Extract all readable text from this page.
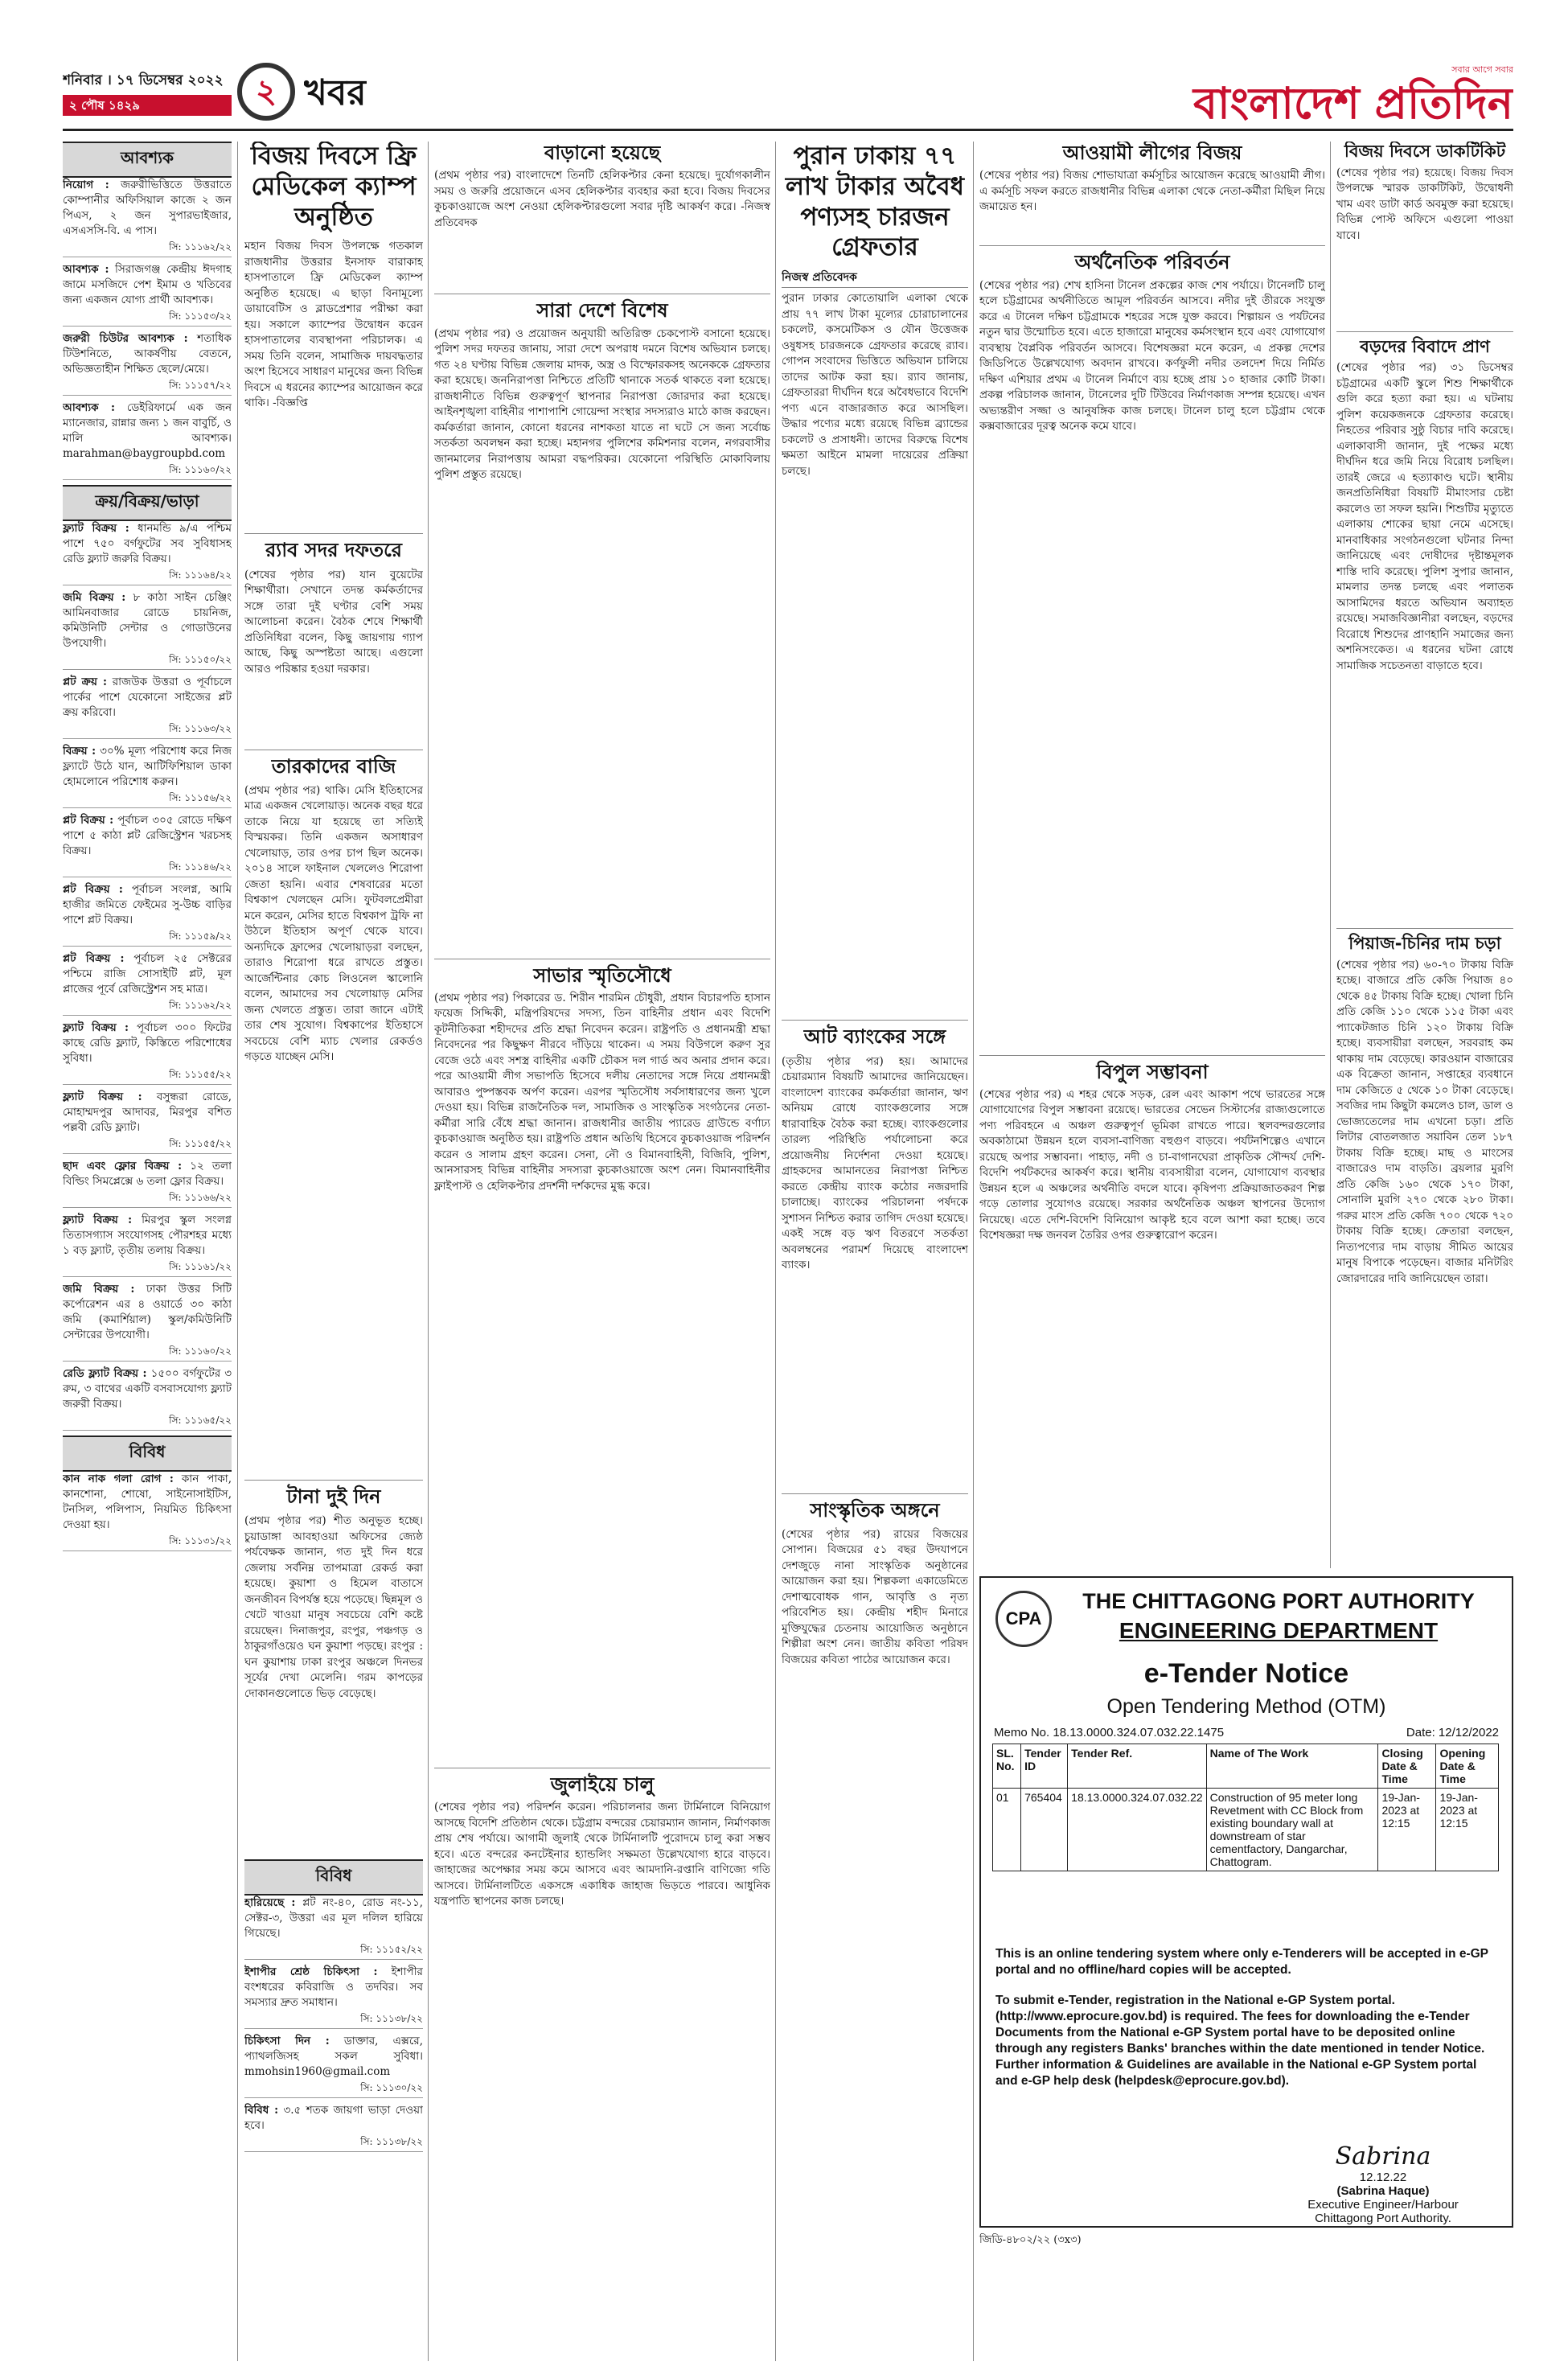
শনিবার । ১৭ ডিসেম্বর ২০২২
২ পৌষ ১৪২৯	২ খবর
সবার আগে সবার
বাংলাদেশ প্রতিদিন
আবশ্যক
নিয়োগ : জরুরীভিত্তিতে উত্তরাতে কোম্পানীর অফিসিয়াল কাজে ২ জন পিএস, ২ জন সুপারভাইজার, এসএসসি-বি. এ পাস।
সি: ১১১৬২/২২
আবশ্যক : সিরাজগঞ্জ কেন্দ্রীয় ঈদগাহ জামে মসজিদে পেশ ইমাম ও খতিবের জন্য একজন যোগ্য প্রার্থী আবশ্যক।
সি: ১১১৫৩/২২
জরুরী চিউটর আবশ্যক : শতাধিক টিউশনিতে, আকর্ষণীয় বেতনে, অভিজ্ঞতাহীন শিক্ষিত ছেলে/মেয়ে।
সি: ১১১৫৭/২২
আবশ্যক : ডেইরিফার্মে এক জন ম্যানেজার, রান্নার জন্য ১ জন বাবুর্চি, ও মালি আবশ্যক। marahman@baygroupbd.com
সি: ১১১৬০/২২
ক্রয়/বিক্রয়/ভাড়া
ফ্ল্যাট বিক্রয় : ধানমন্ডি ৯/এ পশ্চিম পাশে ৭৫০ বর্গফুটের সব সুবিধাসহ রেডি ফ্ল্যাট জরুরি বিক্রয়।
সি: ১১১৬৪/২২
জমি বিক্রয় : ৮ কাঠা সাইন চেঞ্জিং আমিনবাজার রোডে চায়নিজ, কমিউনিটি সেন্টার ও গোডাউনের উপযোগী।
সি: ১১১৫০/২২
প্লট ক্রয় : রাজউক উত্তরা ও পূর্বাচলে পার্কের পাশে যেকোনো সাইজের প্লট ক্রয় করিবো।
সি: ১১১৬৩/২২
বিক্রয় : ৩০% মূল্য পরিশোধ করে নিজ ফ্ল্যাটে উঠে যান, আটিফিশিয়াল ডাকা হোমলোনে পরিশোধ করুন।
সি: ১১১৫৬/২২
প্লট বিক্রয় : পূর্বাচল ৩০৫ রোডে দক্ষিণ পাশে ৫ কাঠা প্লট রেজিস্ট্রেশন খরচসহ বিক্রয়।
সি: ১১১৪৬/২২
প্লট বিক্রয় : পূর্বাচল সংলগ্ন, আমি হাজীর জমিতে ফেইমের সু-উচ্চ বাড়ির পাশে প্লট বিক্রয়।
সি: ১১১৫৯/২২
প্লট বিক্রয় : পূর্বাচল ২৫ সেক্টরের পশ্চিমে রাজি সোসাইটি প্লট, মূল প্লাজের পূর্বে রেজিস্ট্রেশন সহ মাত্র।
সি: ১১১৬২/২২
ফ্ল্যাট বিক্রয় : পূর্বাচল ৩০০ ফিটের কাছে রেডি ফ্ল্যাট, কিস্তিতে পরিশোধের সুবিধা।
সি: ১১১৫৫/২২
ফ্ল্যাট বিক্রয় : বসুন্ধরা রোডে, মোহাম্মদপুর আদাবর, মিরপুর বশিত পল্লবী রেডি ফ্ল্যাট।
সি: ১১১৫৫/২২
ছাদ এবং ফ্লোর বিক্রয় : ১২ তলা বিল্ডিং সিমপ্লেক্সে ৬ তলা ফ্লোর বিক্রয়।
সি: ১১১৬৬/২২
ফ্ল্যাট বিক্রয় : মিরপুর স্কুল সংলগ্ন তিতাসগ্যাস সংযোগসহ পৌরশহর মধ্যে ১ বড় ফ্ল্যাট, তৃতীয় তলায় বিক্রয়।
সি: ১১১৬১/২২
জমি বিক্রয় : ঢাকা উত্তর সিটি কর্পোরেশন এর ৪ ওয়ার্ডে ৩০ কাঠা জমি (কমার্শিয়াল) স্কুল/কমিউনিটি সেন্টারের উপযোগী।
সি: ১১১৬০/২২
রেডি ফ্ল্যাট বিক্রয় : ১৫০০ বর্গফুটের ৩ রুম, ৩ বাথের একটি বসবাসযোগ্য ফ্ল্যাট জরুরী বিক্রয়।
সি: ১১১৬৫/২২
বিবিধ
কান নাক গলা রোগ : কান পাকা, কানশোনা, শোষো, সাইনোসাইটিস, টনসিল, পলিপাস, নিয়মিত চিকিৎসা দেওয়া হয়।
সি: ১১১৩১/২২
বিজয় দিবসে ফ্রি মেডিকেল ক্যাম্প অনুষ্ঠিত
মহান বিজয় দিবস উপলক্ষে গতকাল রাজধানীর উত্তরার ইনসাফ বারাকাহ হাসপাতালে ফ্রি মেডিকেল ক্যাম্প অনুষ্ঠিত হয়েছে। এ ছাড়া বিনামূল্যে ডায়াবেটিস ও ব্লাডপ্রেশার পরীক্ষা করা হয়। সকালে ক্যাম্পের উদ্বোধন করেন হাসপাতালের ব্যবস্থাপনা পরিচালক। এ সময় তিনি বলেন, সামাজিক দায়বদ্ধতার অংশ হিসেবে সাধারণ মানুষের জন্য বিভিন্ন দিবসে এ ধরনের ক্যাম্পের আয়োজন করে থাকি। -বিজ্ঞপ্তি
র‍্যাব সদর দফতরে
(শেষের পৃষ্ঠার পর) যান বুয়েটের শিক্ষার্থীরা। সেখানে তদন্ত কর্মকর্তাদের সঙ্গে তারা দুই ঘণ্টার বেশি সময় আলোচনা করেন। বৈঠক শেষে শিক্ষার্থী প্রতিনিধিরা বলেন, কিছু জায়গায় গ্যাপ আছে, কিছু অস্পষ্টতা আছে। এগুলো আরও পরিষ্কার হওয়া দরকার।
তারকাদের বাজি
(প্রথম পৃষ্ঠার পর) থাকি। মেসি ইতিহাসের মাত্র একজন খেলোয়াড়। অনেক বছর ধরে তাকে নিয়ে যা হয়েছে তা সত্যিই বিস্ময়কর। তিনি একজন অসাধারণ খেলোয়াড়, তার ওপর চাপ ছিল অনেক। ২০১৪ সালে ফাইনাল খেললেও শিরোপা জেতা হয়নি। এবার শেষবারের মতো বিশ্বকাপ খেলছেন মেসি। ফুটবলপ্রেমীরা মনে করেন, মেসির হাতে বিশ্বকাপ ট্রফি না উঠলে ইতিহাস অপূর্ণ থেকে যাবে। অন্যদিকে ফ্রান্সের খেলোয়াড়রা বলছেন, তারাও শিরোপা ধরে রাখতে প্রস্তুত। আর্জেন্টিনার কোচ লিওনেল স্কালোনি বলেন, আমাদের সব খেলোয়াড় মেসির জন্য খেলতে প্রস্তুত। তারা জানে এটাই তার শেষ সুযোগ। বিশ্বকাপের ইতিহাসে সবচেয়ে বেশি ম্যাচ খেলার রেকর্ডও গড়তে যাচ্ছেন মেসি।
টানা দুই দিন
(প্রথম পৃষ্ঠার পর) শীত অনুভূত হচ্ছে। চুয়াডাঙ্গা আবহাওয়া অফিসের জ্যেষ্ঠ পর্যবেক্ষক জানান, গত দুই দিন ধরে জেলায় সর্বনিম্ন তাপমাত্রা রেকর্ড করা হয়েছে। কুয়াশা ও হিমেল বাতাসে জনজীবন বিপর্যস্ত হয়ে পড়েছে। ছিন্নমূল ও খেটে খাওয়া মানুষ সবচেয়ে বেশি কষ্টে রয়েছেন। দিনাজপুর, রংপুর, পঞ্চগড় ও ঠাকুরগাঁওয়েও ঘন কুয়াশা পড়ছে। রংপুর : ঘন কুয়াশায় ঢাকা রংপুর অঞ্চলে দিনভর সূর্যের দেখা মেলেনি। গরম কাপড়ের দোকানগুলোতে ভিড় বেড়েছে।
বিবিধ
হারিয়েছে : প্লট নং-৪০, রোড নং-১১, সেক্টর-৩, উত্তরা এর মূল দলিল হারিয়ে গিয়েছে।
সি: ১১১৫২/২২
ইশাপীর শ্রেষ্ঠ চিকিৎসা : ইশাপীর বংশধরের কবিরাজি ও তদবির। সব সমস্যার দ্রুত সমাধান।
সি: ১১১৩৮/২২
চিকিৎসা দিন : ডাক্তার, এক্সরে, প্যাথলজিসহ সকল সুবিধা। mmohsin1960@gmail.com
সি: ১১১৩০/২২
বিবিধ : ৩.৫ শতক জায়গা ভাড়া দেওয়া হবে।
সি: ১১১৩৮/২২
বাড়ানো হয়েছে
(প্রথম পৃষ্ঠার পর) বাংলাদেশে তিনটি হেলিকপ্টার কেনা হয়েছে। দুর্যোগকালীন সময় ও জরুরি প্রয়োজনে এসব হেলিকপ্টার ব্যবহার করা হবে। বিজয় দিবসের কুচকাওয়াজে অংশ নেওয়া হেলিকপ্টারগুলো সবার দৃষ্টি আকর্ষণ করে। -নিজস্ব প্রতিবেদক
সারা দেশে বিশেষ
(প্রথম পৃষ্ঠার পর) ও প্রয়োজন অনুযায়ী অতিরিক্ত চেকপোস্ট বসানো হয়েছে। পুলিশ সদর দফতর জানায়, সারা দেশে অপরাধ দমনে বিশেষ অভিযান চলছে। গত ২৪ ঘণ্টায় বিভিন্ন জেলায় মাদক, অস্ত্র ও বিস্ফোরকসহ অনেককে গ্রেফতার করা হয়েছে। জননিরাপত্তা নিশ্চিতে প্রতিটি থানাকে সতর্ক থাকতে বলা হয়েছে। রাজধানীতে বিভিন্ন গুরুত্বপূর্ণ স্থাপনার নিরাপত্তা জোরদার করা হয়েছে। আইনশৃঙ্খলা বাহিনীর পাশাপাশি গোয়েন্দা সংস্থার সদস্যরাও মাঠে কাজ করছেন। কর্মকর্তারা জানান, কোনো ধরনের নাশকতা যাতে না ঘটে সে জন্য সর্বোচ্চ সতর্কতা অবলম্বন করা হচ্ছে। মহানগর পুলিশের কমিশনার বলেন, নগরবাসীর জানমালের নিরাপত্তায় আমরা বদ্ধপরিকর। যেকোনো পরিস্থিতি মোকাবিলায় পুলিশ প্রস্তুত রয়েছে।
সাভার স্মৃতিসৌধে
(প্রথম পৃষ্ঠার পর) পিকারের ড. শিরীন শারমিন চৌধুরী, প্রধান বিচারপতি হাসান ফয়েজ সিদ্দিকী, মন্ত্রিপরিষদের সদস্য, তিন বাহিনীর প্রধান এবং বিদেশি কূটনীতিকরা শহীদদের প্রতি শ্রদ্ধা নিবেদন করেন। রাষ্ট্রপতি ও প্রধানমন্ত্রী শ্রদ্ধা নিবেদনের পর কিছুক্ষণ নীরবে দাঁড়িয়ে থাকেন। এ সময় বিউগলে করুণ সুর বেজে ওঠে এবং সশস্ত্র বাহিনীর একটি চৌকস দল গার্ড অব অনার প্রদান করে। পরে আওয়ামী লীগ সভাপতি হিসেবে দলীয় নেতাদের সঙ্গে নিয়ে প্রধানমন্ত্রী আবারও পুষ্পস্তবক অর্পণ করেন। এরপর স্মৃতিসৌধ সর্বসাধারণের জন্য খুলে দেওয়া হয়। বিভিন্ন রাজনৈতিক দল, সামাজিক ও সাংস্কৃতিক সংগঠনের নেতা-কর্মীরা সারি বেঁধে শ্রদ্ধা জানান। রাজধানীর জাতীয় প্যারেড গ্রাউন্ডে বর্ণাঢ্য কুচকাওয়াজ অনুষ্ঠিত হয়। রাষ্ট্রপতি প্রধান অতিথি হিসেবে কুচকাওয়াজ পরিদর্শন করেন ও সালাম গ্রহণ করেন। সেনা, নৌ ও বিমানবাহিনী, বিজিবি, পুলিশ, আনসারসহ বিভিন্ন বাহিনীর সদস্যরা কুচকাওয়াজে অংশ নেন। বিমানবাহিনীর ফ্লাইপাস্ট ও হেলিকপ্টার প্রদর্শনী দর্শকদের মুগ্ধ করে।
জুলাইয়ে চালু
(শেষের পৃষ্ঠার পর) পরিদর্শন করেন। পরিচালনার জন্য টার্মিনালে বিনিয়োগ আসছে বিদেশি প্রতিষ্ঠান থেকে। চট্টগ্রাম বন্দরের চেয়ারম্যান জানান, নির্মাণকাজ প্রায় শেষ পর্যায়ে। আগামী জুলাই থেকে টার্মিনালটি পুরোদমে চালু করা সম্ভব হবে। এতে বন্দরের কনটেইনার হ্যান্ডলিং সক্ষমতা উল্লেখযোগ্য হারে বাড়বে। জাহাজের অপেক্ষার সময় কমে আসবে এবং আমদানি-রপ্তানি বাণিজ্যে গতি আসবে। টার্মিনালটিতে একসঙ্গে একাধিক জাহাজ ভিড়তে পারবে। আধুনিক যন্ত্রপাতি স্থাপনের কাজ চলছে।
পুরান ঢাকায় ৭৭ লাখ টাকার অবৈধ পণ্যসহ চারজন গ্রেফতার
নিজস্ব প্রতিবেদক
পুরান ঢাকার কোতোয়ালি এলাকা থেকে প্রায় ৭৭ লাখ টাকা মূল্যের চোরাচালানের চকলেট, কসমেটিকস ও যৌন উত্তেজক ওষুধসহ চারজনকে গ্রেফতার করেছে র‍্যাব। গোপন সংবাদের ভিত্তিতে অভিযান চালিয়ে তাদের আটক করা হয়। র‍্যাব জানায়, গ্রেফতাররা দীর্ঘদিন ধরে অবৈধভাবে বিদেশি পণ্য এনে বাজারজাত করে আসছিল। উদ্ধার পণ্যের মধ্যে রয়েছে বিভিন্ন ব্র্যান্ডের চকলেট ও প্রসাধনী। তাদের বিরুদ্ধে বিশেষ ক্ষমতা আইনে মামলা দায়েরের প্রক্রিয়া চলছে।
আট ব্যাংকের সঙ্গে
(তৃতীয় পৃষ্ঠার পর) হয়। আমাদের চেয়ারম্যান বিষয়টি আমাদের জানিয়েছেন। বাংলাদেশ ব্যাংকের কর্মকর্তারা জানান, ঋণ অনিয়ম রোধে ব্যাংকগুলোর সঙ্গে ধারাবাহিক বৈঠক করা হচ্ছে। ব্যাংকগুলোর তারল্য পরিস্থিতি পর্যালোচনা করে প্রয়োজনীয় নির্দেশনা দেওয়া হয়েছে। গ্রাহকদের আমানতের নিরাপত্তা নিশ্চিত করতে কেন্দ্রীয় ব্যাংক কঠোর নজরদারি চালাচ্ছে। ব্যাংকের পরিচালনা পর্ষদকে সুশাসন নিশ্চিত করার তাগিদ দেওয়া হয়েছে। একই সঙ্গে বড় ঋণ বিতরণে সতর্কতা অবলম্বনের পরামর্শ দিয়েছে বাংলাদেশ ব্যাংক।
সাংস্কৃতিক অঙ্গনে
(শেষের পৃষ্ঠার পর) রায়ের বিজয়ের সোপান। বিজয়ের ৫১ বছর উদযাপনে দেশজুড়ে নানা সাংস্কৃতিক অনুষ্ঠানের আয়োজন করা হয়। শিল্পকলা একাডেমিতে দেশাত্মবোধক গান, আবৃত্তি ও নৃত্য পরিবেশিত হয়। কেন্দ্রীয় শহীদ মিনারে মুক্তিযুদ্ধের চেতনায় আয়োজিত অনুষ্ঠানে শিল্পীরা অংশ নেন। জাতীয় কবিতা পরিষদ বিজয়ের কবিতা পাঠের আয়োজন করে।
আওয়ামী লীগের বিজয়
(শেষের পৃষ্ঠার পর) বিজয় শোভাযাত্রা কর্মসূচির আয়োজন করেছে আওয়ামী লীগ। এ কর্মসূচি সফল করতে রাজধানীর বিভিন্ন এলাকা থেকে নেতা-কর্মীরা মিছিল নিয়ে জমায়েত হন।
অর্থনৈতিক পরিবর্তন
(শেষের পৃষ্ঠার পর) শেখ হাসিনা টানেল প্রকল্পের কাজ শেষ পর্যায়ে। টানেলটি চালু হলে চট্টগ্রামের অর্থনীতিতে আমূল পরিবর্তন আসবে। নদীর দুই তীরকে সংযুক্ত করে এ টানেল দক্ষিণ চট্টগ্রামকে শহরের সঙ্গে যুক্ত করবে। শিল্পায়ন ও পর্যটনের নতুন দ্বার উন্মোচিত হবে। এতে হাজারো মানুষের কর্মসংস্থান হবে এবং যোগাযোগ ব্যবস্থায় বৈপ্লবিক পরিবর্তন আসবে। বিশেষজ্ঞরা মনে করেন, এ প্রকল্প দেশের জিডিপিতে উল্লেখযোগ্য অবদান রাখবে। কর্ণফুলী নদীর তলদেশ দিয়ে নির্মিত দক্ষিণ এশিয়ার প্রথম এ টানেল নির্মাণে ব্যয় হচ্ছে প্রায় ১০ হাজার কোটি টাকা। প্রকল্প পরিচালক জানান, টানেলের দুটি টিউবের নির্মাণকাজ সম্পন্ন হয়েছে। এখন অভ্যন্তরীণ সজ্জা ও আনুষঙ্গিক কাজ চলছে। টানেল চালু হলে চট্টগ্রাম থেকে কক্সবাজারের দূরত্ব অনেক কমে যাবে।
বিপুল সম্ভাবনা
(শেষের পৃষ্ঠার পর) এ শহর থেকে সড়ক, রেল এবং আকাশ পথে ভারতের সঙ্গে যোগাযোগের বিপুল সম্ভাবনা রয়েছে। ভারতের সেভেন সিস্টার্সের রাজ্যগুলোতে পণ্য পরিবহনে এ অঞ্চল গুরুত্বপূর্ণ ভূমিকা রাখতে পারে। স্থলবন্দরগুলোর অবকাঠামো উন্নয়ন হলে ব্যবসা-বাণিজ্য বহুগুণ বাড়বে। পর্যটনশিল্পেও এখানে রয়েছে অপার সম্ভাবনা। পাহাড়, নদী ও চা-বাগানঘেরা প্রাকৃতিক সৌন্দর্য দেশি-বিদেশি পর্যটকদের আকর্ষণ করে। স্থানীয় ব্যবসায়ীরা বলেন, যোগাযোগ ব্যবস্থার উন্নয়ন হলে এ অঞ্চলের অর্থনীতি বদলে যাবে। কৃষিপণ্য প্রক্রিয়াজাতকরণ শিল্প গড়ে তোলার সুযোগও রয়েছে। সরকার অর্থনৈতিক অঞ্চল স্থাপনের উদ্যোগ নিয়েছে। এতে দেশি-বিদেশি বিনিয়োগ আকৃষ্ট হবে বলে আশা করা হচ্ছে। তবে বিশেষজ্ঞরা দক্ষ জনবল তৈরির ওপর গুরুত্বারোপ করেন।
বিজয় দিবসে ডাকটিকিট
(শেষের পৃষ্ঠার পর) হয়েছে। বিজয় দিবস উপলক্ষে স্মারক ডাকটিকিট, উদ্বোধনী খাম এবং ডাটা কার্ড অবমুক্ত করা হয়েছে। বিভিন্ন পোস্ট অফিসে এগুলো পাওয়া যাবে।
বড়দের বিবাদে প্রাণ
(শেষের পৃষ্ঠার পর) ৩১ ডিসেম্বর চট্টগ্রামের একটি স্কুলে শিশু শিক্ষার্থীকে গুলি করে হত্যা করা হয়। এ ঘটনায় পুলিশ কয়েকজনকে গ্রেফতার করেছে। নিহতের পরিবার সুষ্ঠু বিচার দাবি করেছে। এলাকাবাসী জানান, দুই পক্ষের মধ্যে দীর্ঘদিন ধরে জমি নিয়ে বিরোধ চলছিল। তারই জেরে এ হত্যাকাণ্ড ঘটে। স্থানীয় জনপ্রতিনিধিরা বিষয়টি মীমাংসার চেষ্টা করলেও তা সফল হয়নি। শিশুটির মৃত্যুতে এলাকায় শোকের ছায়া নেমে এসেছে। মানবাধিকার সংগঠনগুলো ঘটনার নিন্দা জানিয়েছে এবং দোষীদের দৃষ্টান্তমূলক শাস্তি দাবি করেছে। পুলিশ সুপার জানান, মামলার তদন্ত চলছে এবং পলাতক আসামিদের ধরতে অভিযান অব্যাহত রয়েছে। সমাজবিজ্ঞানীরা বলছেন, বড়দের বিরোধে শিশুদের প্রাণহানি সমাজের জন্য অশনিসংকেত। এ ধরনের ঘটনা রোধে সামাজিক সচেতনতা বাড়াতে হবে।
পিয়াজ-চিনির দাম চড়া
(শেষের পৃষ্ঠার পর) ৬০-৭০ টাকায় বিক্রি হচ্ছে। বাজারে প্রতি কেজি পিয়াজ ৪০ থেকে ৪৫ টাকায় বিক্রি হচ্ছে। খোলা চিনি প্রতি কেজি ১১০ থেকে ১১৫ টাকা এবং প্যাকেটজাত চিনি ১২০ টাকায় বিক্রি হচ্ছে। ব্যবসায়ীরা বলছেন, সরবরাহ কম থাকায় দাম বেড়েছে। কারওয়ান বাজারের এক বিক্রেতা জানান, সপ্তাহের ব্যবধানে দাম কেজিতে ৫ থেকে ১০ টাকা বেড়েছে। সবজির দাম কিছুটা কমলেও চাল, ডাল ও ভোজ্যতেলের দাম এখনো চড়া। প্রতি লিটার বোতলজাত সয়াবিন তেল ১৮৭ টাকায় বিক্রি হচ্ছে। মাছ ও মাংসের বাজারেও দাম বাড়তি। ব্রয়লার মুরগি প্রতি কেজি ১৬০ থেকে ১৭০ টাকা, সোনালি মুরগি ২৭০ থেকে ২৮০ টাকা। গরুর মাংস প্রতি কেজি ৭০০ থেকে ৭২০ টাকায় বিক্রি হচ্ছে। ক্রেতারা বলছেন, নিত্যপণ্যের দাম বাড়ায় সীমিত আয়ের মানুষ বিপাকে পড়েছেন। বাজার মনিটরিং জোরদারের দাবি জানিয়েছেন তারা।
CPA
THE CHITTAGONG PORT AUTHORITY
ENGINEERING DEPARTMENT
e-Tender Notice
Open Tendering Method (OTM)
Memo No. 18.13.0000.324.07.032.22.1475	Date: 12/12/2022
SL. No.	Tender ID	Tender Ref.	Name of The Work	Closing Date & Time	Opening Date & Time
01	765404	18.13.0000.324.07.032.22	Construction of 95 meter long Revetment with CC Block from existing boundary wall at downstream of star cementfactory, Dangarchar, Chattogram.	19-Jan-2023 at 12:15	19-Jan-2023 at 12:15
This is an online tendering system where only e-Tenderers will be accepted in e-GP portal and no offline/hard copies will be accepted.
To submit e-Tender, registration in the National e-GP System portal. (http://www.eprocure.gov.bd) is required. The fees for downloading the e-Tender Documents from the National e-GP System portal have to be deposited online through any registers Banks' branches within the date mentioned in tender Notice. Further information & Guidelines are available in the National e-GP System portal and e-GP help desk (helpdesk@eprocure.gov.bd).
Sabrina
12.12.22
(Sabrina Haque)
Executive Engineer/Harbour
Chittagong Port Authority.
জিডি-৪৮০২/২২ (৩x৩)
